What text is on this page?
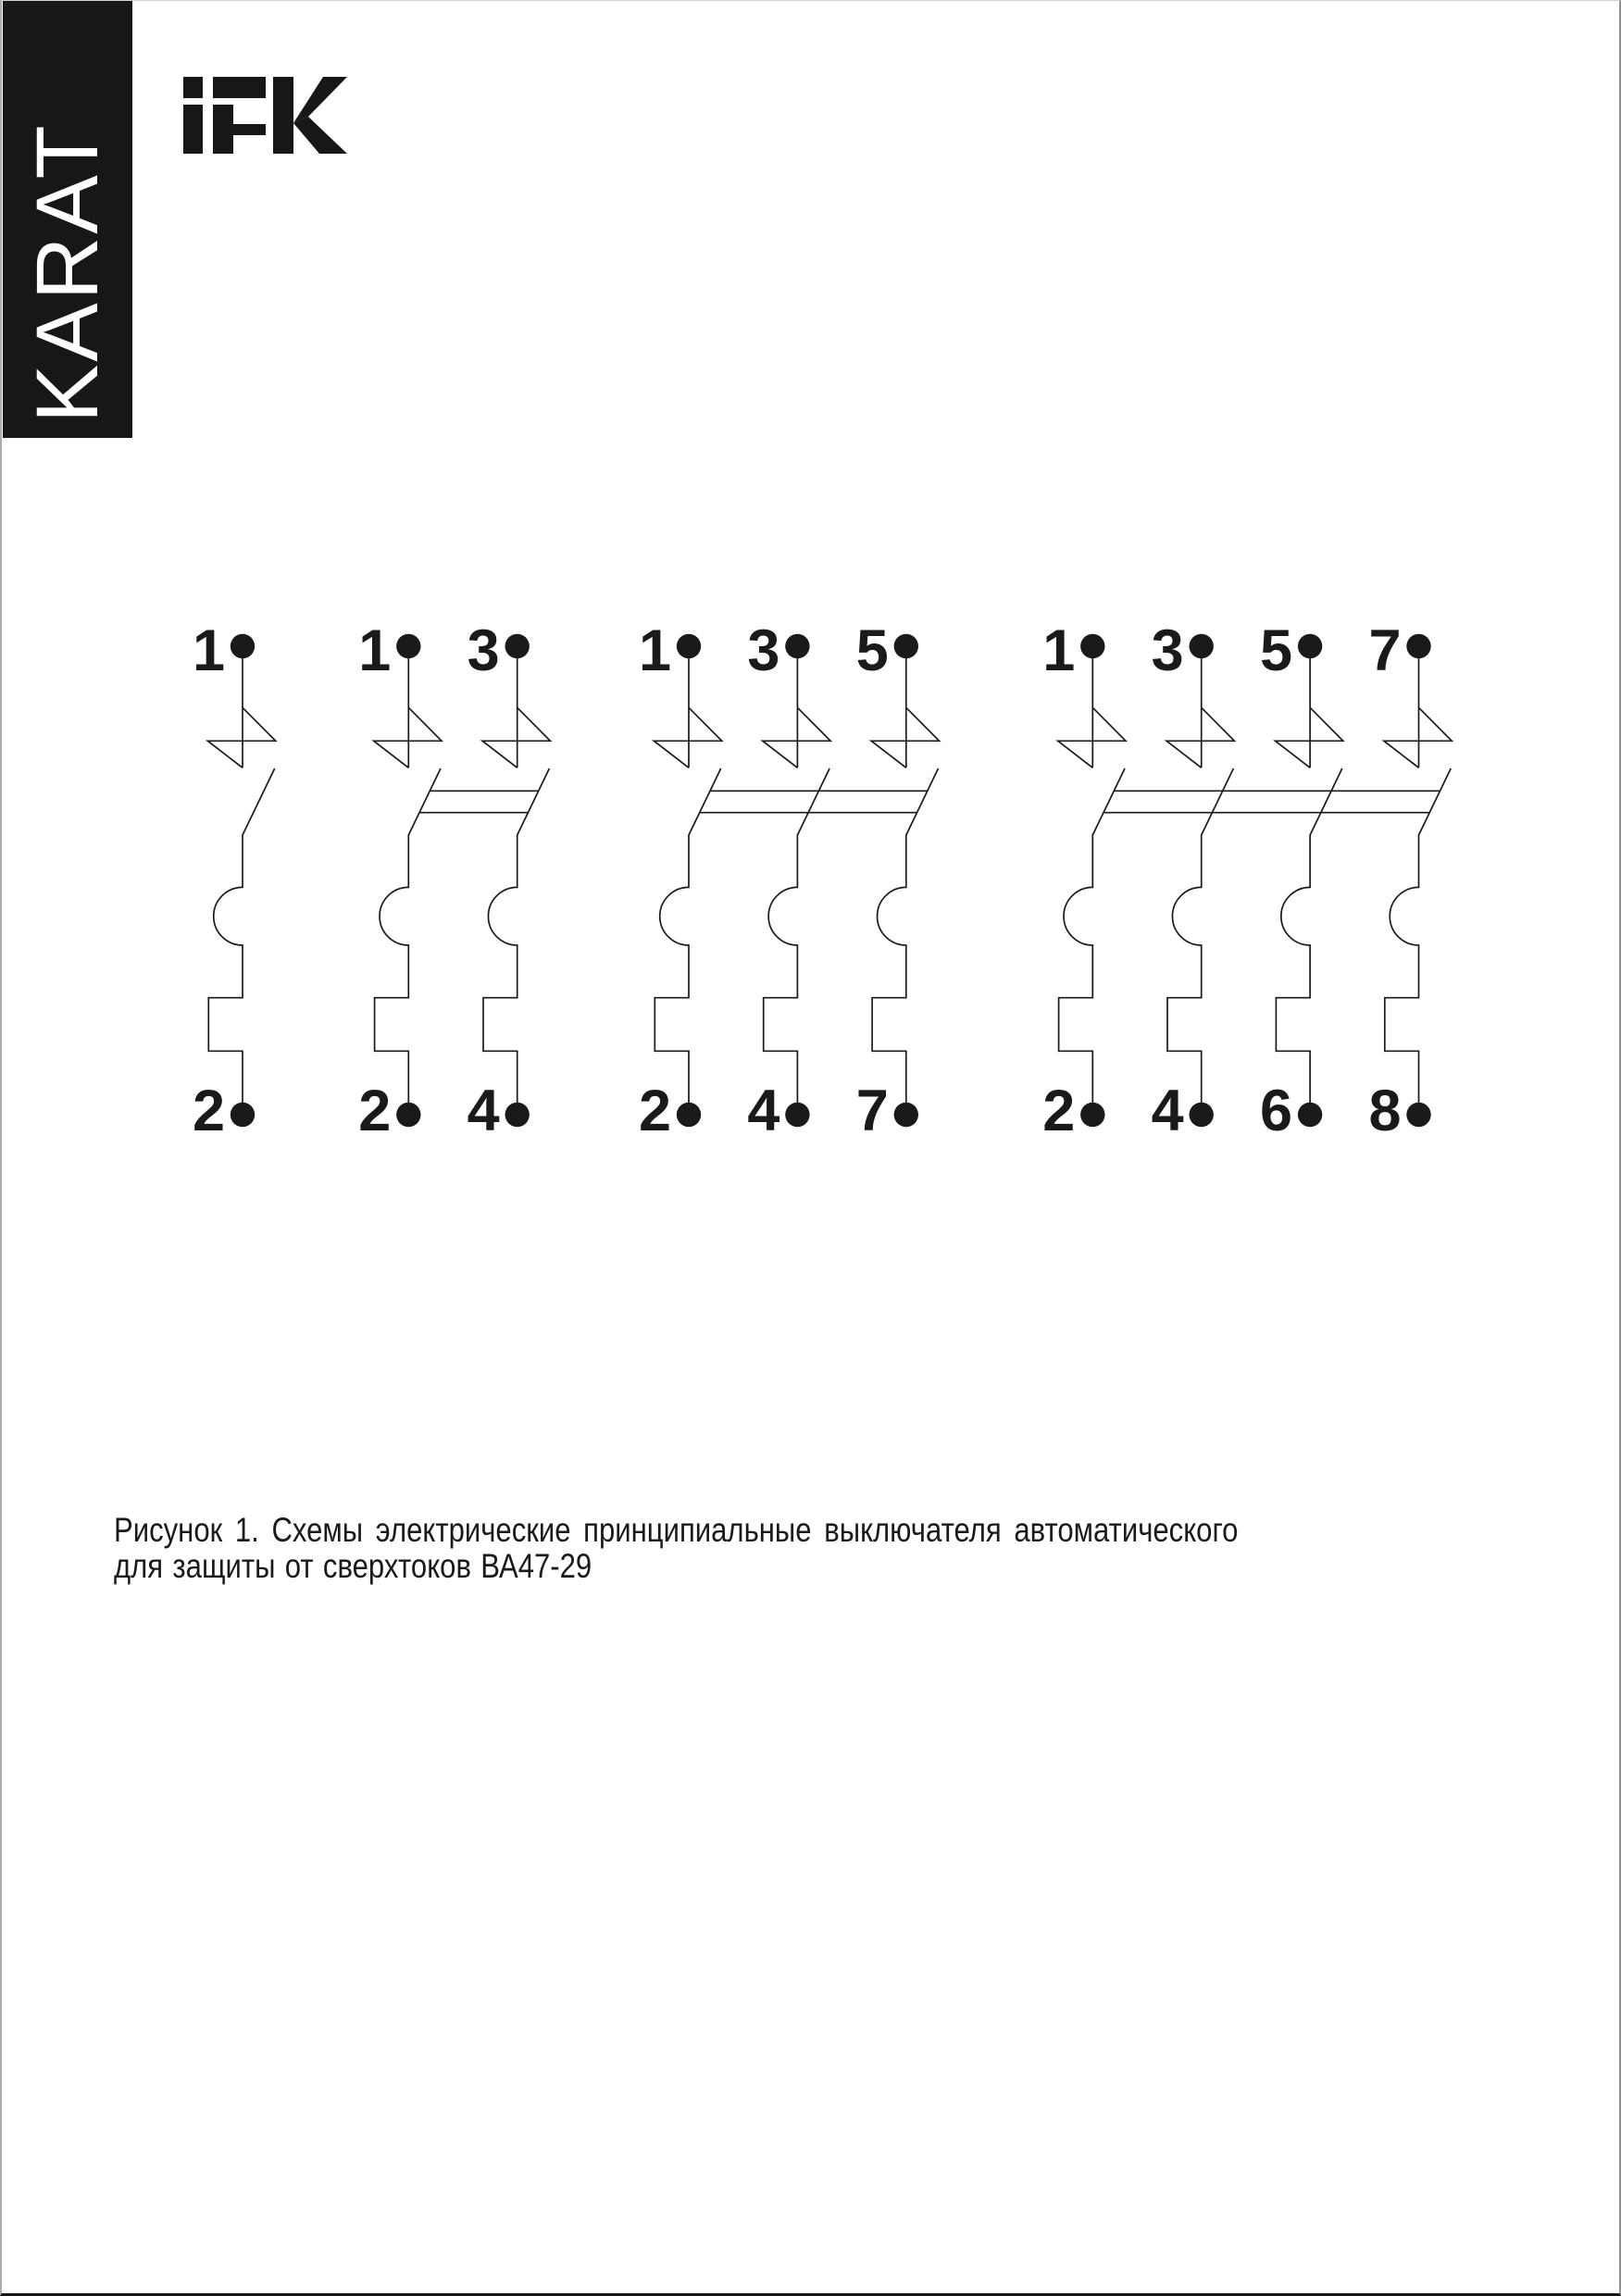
KARAT
1
2
1
2
3
4
1
2
3
4
5
7
1
2
3
4
5
6
7
8
Рисунок 1. Схемы электрические принципиальные выключателя автоматического
для защиты от сверхтоков ВА47-29
